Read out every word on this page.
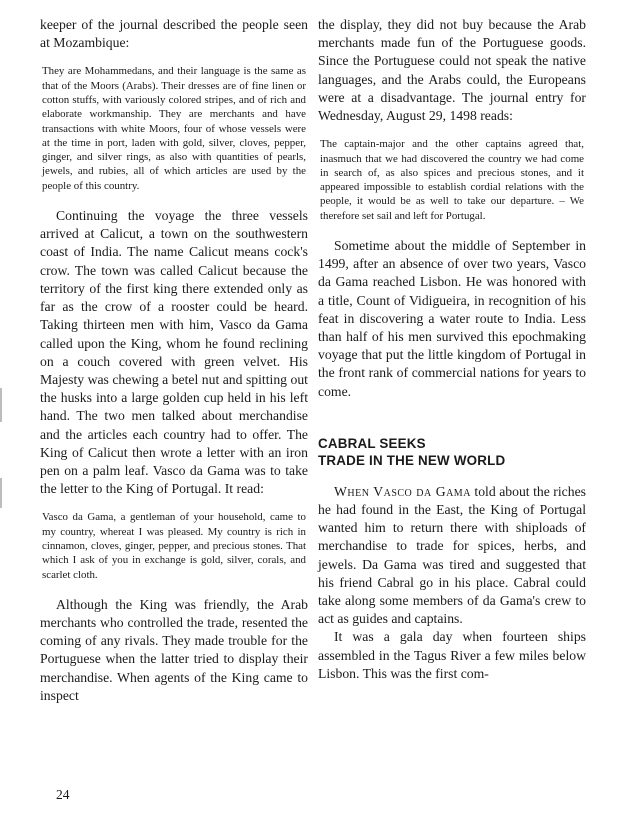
keeper of the journal described the people seen at Mozambique:

They are Mohammedans, and their language is the same as that of the Moors (Arabs). Their dresses are of fine linen or cotton stuffs, with variously colored stripes, and of rich and elaborate workmanship. They are merchants and have transactions with white Moors, four of whose vessels were at the time in port, laden with gold, silver, cloves, pepper, ginger, and silver rings, as also with quantities of pearls, jewels, and rubies, all of which articles are used by the people of this country.

Continuing the voyage the three vessels arrived at Calicut, a town on the southwestern coast of India. The name Calicut means cock's crow. The town was called Calicut because the territory of the first king there extended only as far as the crow of a rooster could be heard. Taking thirteen men with him, Vasco da Gama called upon the King, whom he found reclining on a couch covered with green velvet. His Majesty was chewing a betel nut and spitting out the husks into a large golden cup held in his left hand. The two men talked about merchandise and the articles each country had to offer. The King of Calicut then wrote a letter with an iron pen on a palm leaf. Vasco da Gama was to take the letter to the King of Portugal. It read:

Vasco da Gama, a gentleman of your household, came to my country, whereat I was pleased. My country is rich in cinnamon, cloves, ginger, pepper, and precious stones. That which I ask of you in exchange is gold, silver, corals, and scarlet cloth.

Although the King was friendly, the Arab merchants who controlled the trade, resented the coming of any rivals. They made trouble for the Portuguese when the latter tried to display their merchandise. When agents of the King came to inspect

the display, they did not buy because the Arab merchants made fun of the Portuguese goods. Since the Portuguese could not speak the native languages, and the Arabs could, the Europeans were at a disadvantage. The journal entry for Wednesday, August 29, 1498 reads:

The captain-major and the other captains agreed that, inasmuch that we had discovered the country we had come in search of, as also spices and precious stones, and it appeared impossible to establish cordial relations with the people, it would be as well to take our departure. – We therefore set sail and left for Portugal.

Sometime about the middle of September in 1499, after an absence of over two years, Vasco da Gama reached Lisbon. He was honored with a title, Count of Vidigueira, in recognition of his feat in discovering a water route to India. Less than half of his men survived this epochmaking voyage that put the little kingdom of Portugal in the front rank of commercial nations for years to come.

CABRAL SEEKS
TRADE IN THE NEW WORLD

When Vasco da Gama told about the riches he had found in the East, the King of Portugal wanted him to return there with shiploads of merchandise to trade for spices, herbs, and jewels. Da Gama was tired and suggested that his friend Cabral go in his place. Cabral could take along some members of da Gama's crew to act as guides and captains.

It was a gala day when fourteen ships assembled in the Tagus River a few miles below Lisbon. This was the first com-

24
